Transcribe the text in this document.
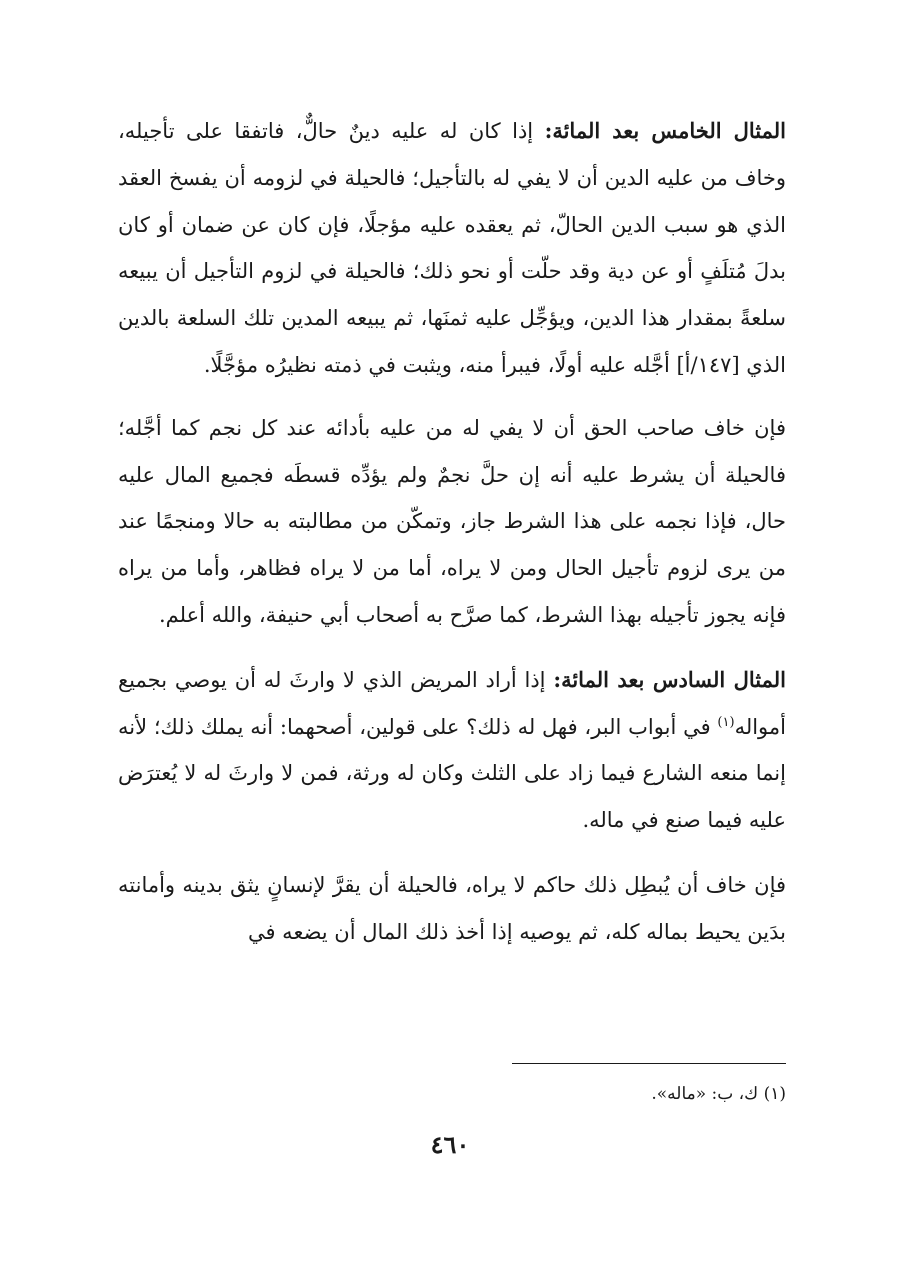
المثال الخامس بعد المائة: إذا كان له عليه دينٌ حالٌّ، فاتفقا على تأجيله، وخاف من عليه الدين أن لا يفي له بالتأجيل؛ فالحيلة في لزومه أن يفسخ العقد الذي هو سبب الدين الحالّ، ثم يعقده عليه مؤجلًا، فإن كان عن ضمان أو كان بدلَ مُتلَفٍ أو عن دية وقد حلّت أو نحو ذلك؛ فالحيلة في لزوم التأجيل أن يبيعه سلعةً بمقدار هذا الدين، ويؤجِّل عليه ثمنَها، ثم يبيعه المدين تلك السلعة بالدين الذي [١٤٧/أ] أجَّله عليه أولًا، فيبرأ منه، ويثبت في ذمته نظيرُه مؤجَّلًا.

فإن خاف صاحب الحق أن لا يفي له من عليه بأدائه عند كل نجم كما أجَّله؛ فالحيلة أن يشرط عليه أنه إن حلَّ نجمٌ ولم يؤدِّه قسطَه فجميع المال عليه حال، فإذا نجمه على هذا الشرط جاز، وتمكّن من مطالبته به حالا ومنجمًا عند من يرى لزوم تأجيل الحال ومن لا يراه، أما من لا يراه فظاهر، وأما من يراه فإنه يجوز تأجيله بهذا الشرط، كما صرَّح به أصحاب أبي حنيفة، والله أعلم.

المثال السادس بعد المائة: إذا أراد المريض الذي لا وارثَ له أن يوصي بجميع أمواله$^{(١)}$ في أبواب البر، فهل له ذلك؟ على قولين، أصحهما: أنه يملك ذلك؛ لأنه إنما منعه الشارع فيما زاد على الثلث وكان له ورثة، فمن لا وارثَ له لا يُعترَض عليه فيما صنع في ماله.

فإن خاف أن يُبطِل ذلك حاكم لا يراه، فالحيلة أن يقرَّ لإنسانٍ يثق بدينه وأمانته بدَين يحيط بماله كله، ثم يوصيه إذا أخذ ذلك المال أن يضعه في

(١) ك، ب: «ماله».
٤٦٠
